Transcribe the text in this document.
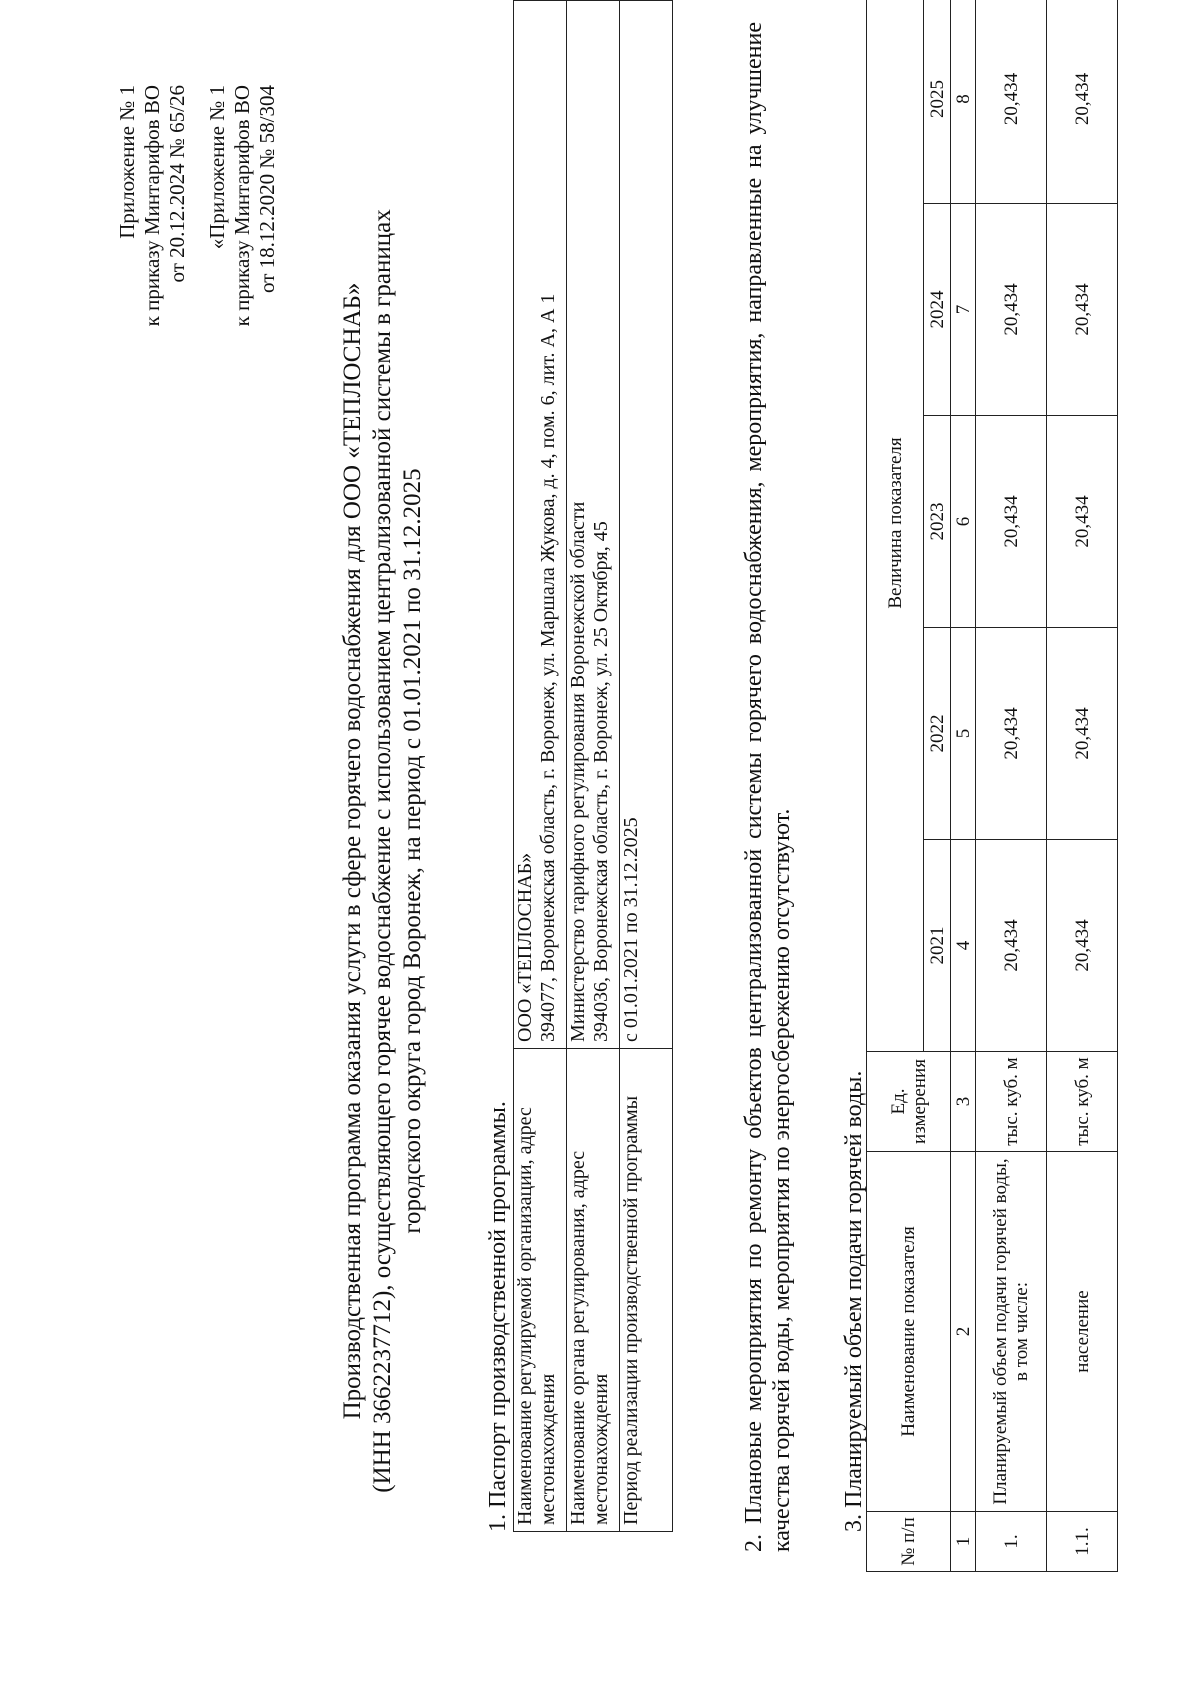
Приложение № 1 к приказу Минтарифов ВО от 20.12.2024 № 65/26 «Приложение № 1 к приказу Минтарифов ВО от 18.12.2020 № 58/304
Производственная программа оказания услуги в сфере горячего водоснабжения для ООО «ТЕПЛОСНАБ» (ИНН 3662237712), осуществляющего горячее водоснабжение с использованием централизованной системы в границах городского округа город Воронеж, на период с 01.01.2021 по 31.12.2025
1. Паспорт производственной программы. Наименование регулируемой организации, адрес местонахождения	ООО «ТЕПЛОСНАБ» 394077, Воронежская область, г. Воронеж, ул. Маршала Жукова, д. 4, пом. 6, лит. А, А 1

Наименование органа регулирования, адрес местонахождения	Министерство тарифного регулирования Воронежской области 394036, Воронежская область, г. Воронеж, ул. 25 Октября, 45

Период реализации производственной программы	с 01.01.2021 по 31.12.2025	2. Плановые мероприятия по ремонту объектов централизованной системы горячего водоснабжения, мероприятия, направленные на улучшение качества горячей воды, мероприятия по энергосбережению отсутствуют. 3. Планируемый объем подачи горячей воды.
№ п/п	Наименование показателя	Ед. измерения	Величина показателя				
			2021	2022	2023	2024	2025
1	2	3	4	5	6	7	8
1.	Планируемый объем подачи горячей воды, в том числе:	тыс. куб. м	20,434	20,434	20,434	20,434	20,434
1.1.	население	тыс. куб. м	20,434	20,434	20,434	20,434	20,434
